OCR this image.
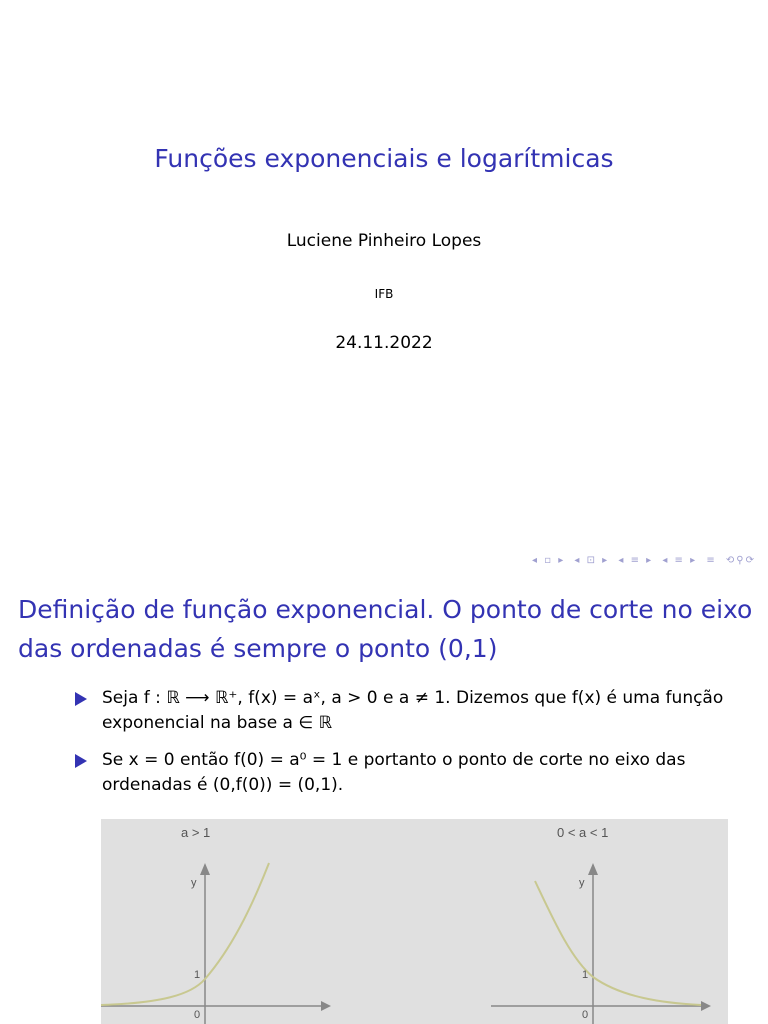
Funções exponenciais e logarítmicas
Luciene Pinheiro Lopes
IFB
24.11.2022
◂ ▫ ▸ ◂ ⊡ ▸ ◂ ≡ ▸ ◂ ≡ ▸ ≡ ⟲⚲⟳
Definição de função exponencial. O ponto de corte no eixo das ordenadas é sempre o ponto (0,1)
Seja f : ℝ ⟶ ℝ⁺, f(x) = aˣ, a > 0 e a ≠ 1. Dizemos que f(x) é uma função exponencial na base a ∈ ℝ
Se x = 0 então f(0) = a⁰ = 1 e portanto o ponto de corte no eixo das ordenadas é (0,f(0)) = (0,1).
a > 1	0 < a < 1
y	y
1	1
0	0
